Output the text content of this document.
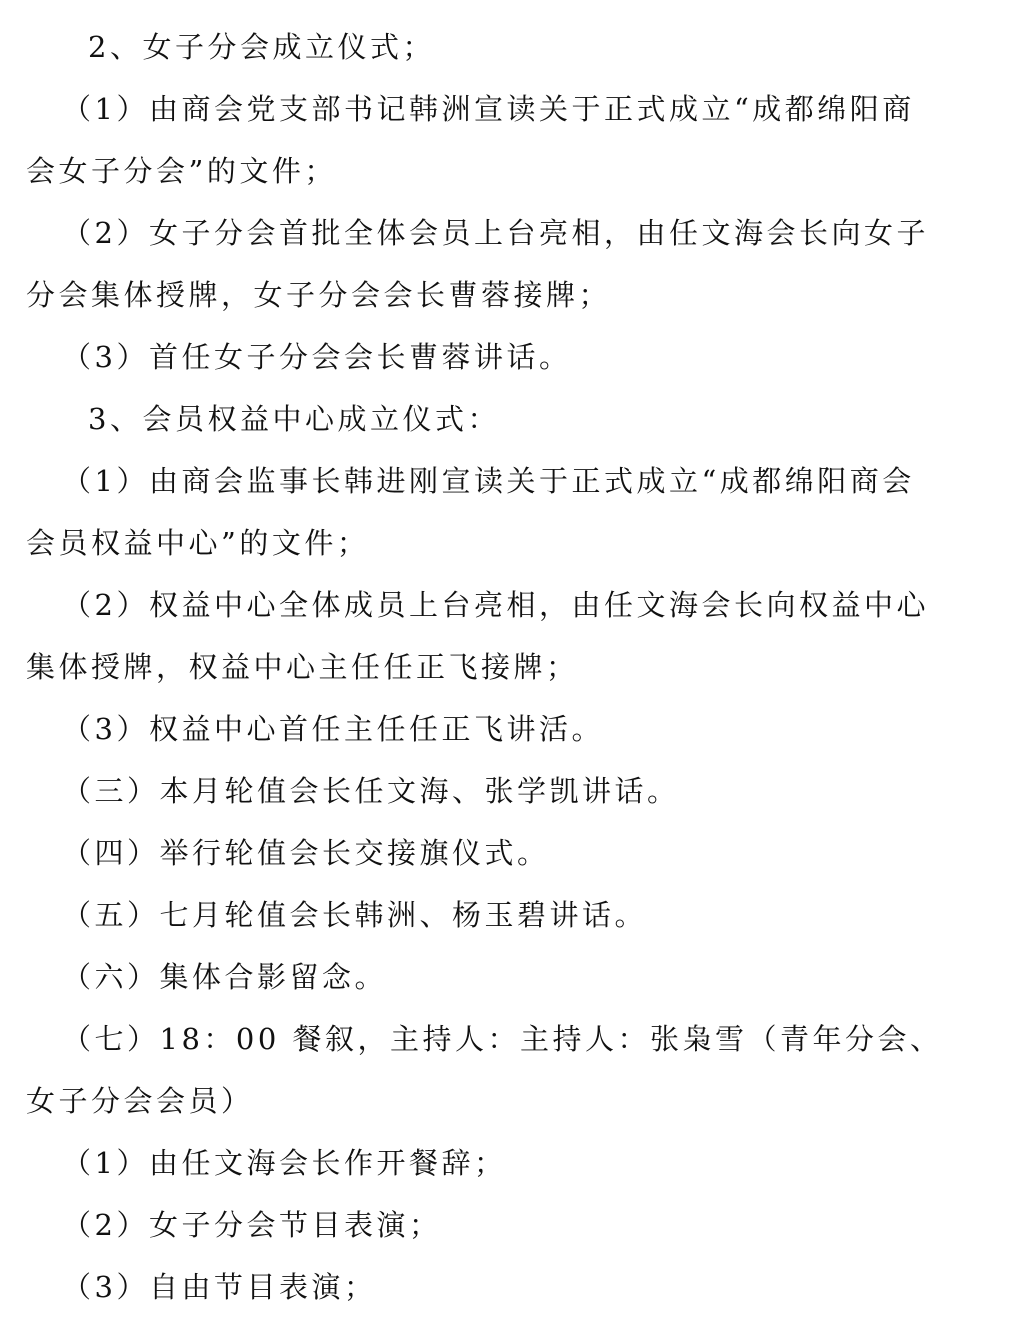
2、女子分会成立仪式；
（1）由商会党支部书记韩洲宣读关于正式成立“成都绵阳商
会女子分会”的文件；
（2）女子分会首批全体会员上台亮相，由任文海会长向女子
分会集体授牌，女子分会会长曹蓉接牌；
（3）首任女子分会会长曹蓉讲话。
3、会员权益中心成立仪式：
（1）由商会监事长韩进刚宣读关于正式成立“成都绵阳商会
会员权益中心”的文件；
（2）权益中心全体成员上台亮相，由任文海会长向权益中心
集体授牌，权益中心主任任正飞接牌；
（3）权益中心首任主任任正飞讲活。
（三）本月轮值会长任文海、张学凯讲话。
（四）举行轮值会长交接旗仪式。
（五）七月轮值会长韩洲、杨玉碧讲话。
（六）集体合影留念。
（七）18：00 餐叙，主持人：主持人：张枭雪（青年分会、
女子分会会员）
（1）由任文海会长作开餐辞；
（2）女子分会节目表演；
（3）自由节目表演；
